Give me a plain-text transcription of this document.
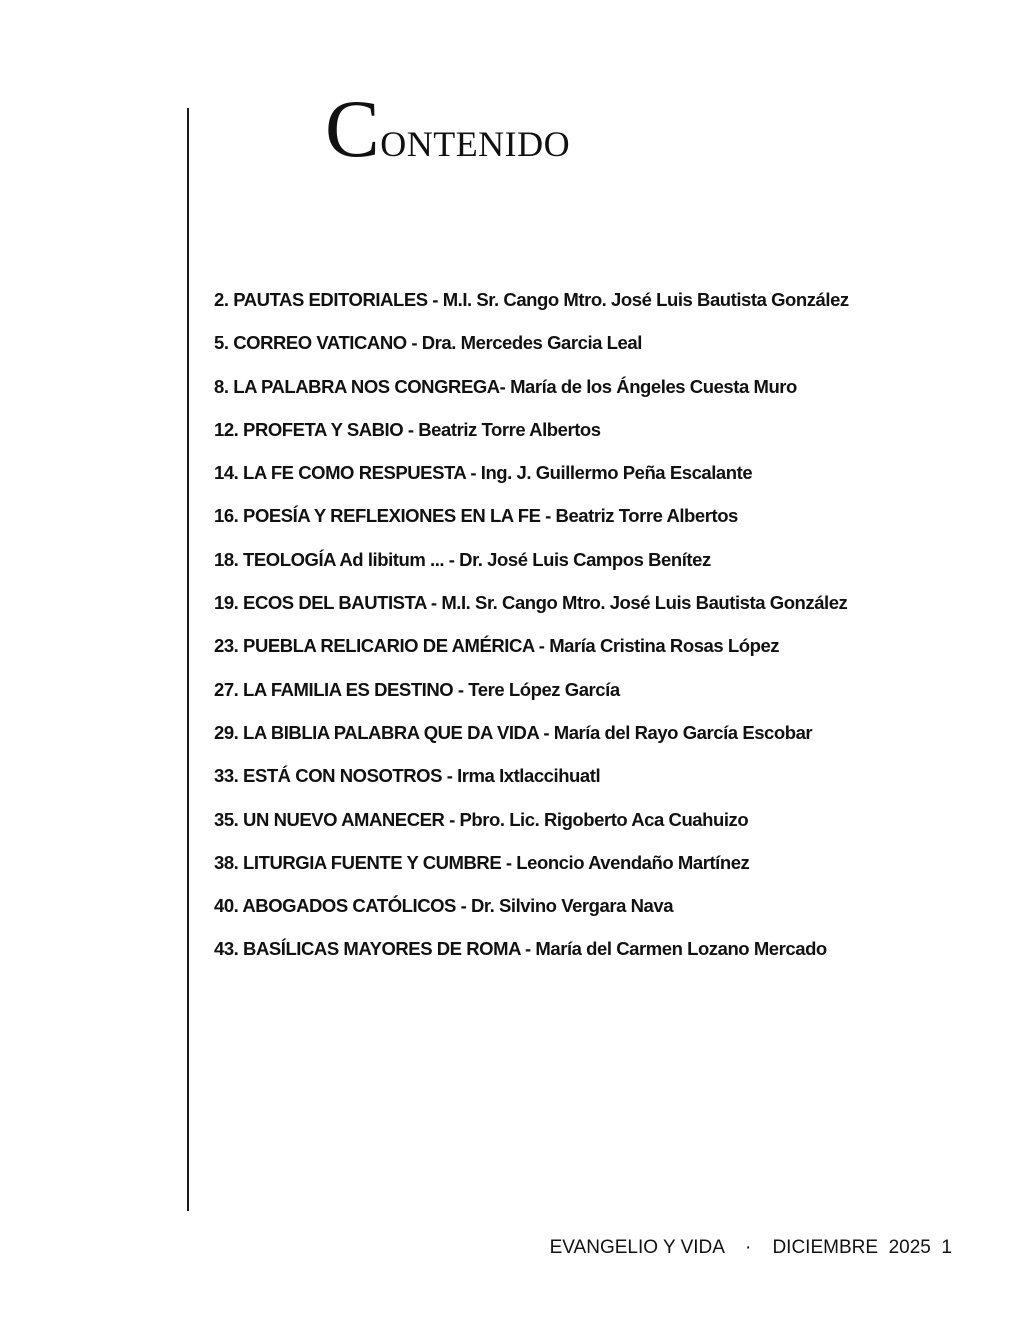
Contenido
2. PAUTAS EDITORIALES - M.I. Sr. Cango Mtro. José Luis Bautista González
5. CORREO VATICANO - Dra. Mercedes Garcia Leal
8. LA PALABRA NOS CONGREGA- María de los Ángeles Cuesta Muro
12. PROFETA Y SABIO - Beatriz Torre Albertos
14. LA FE COMO RESPUESTA - Ing. J. Guillermo Peña Escalante
16. POESÍA Y REFLEXIONES EN LA FE - Beatriz Torre Albertos
18. TEOLOGÍA Ad libitum ... - Dr. José Luis Campos Benítez
19. ECOS DEL BAUTISTA - M.I. Sr. Cango Mtro. José Luis Bautista González
23. PUEBLA RELICARIO DE AMÉRICA - María Cristina Rosas López
27. LA FAMILIA ES DESTINO - Tere López García
29. LA BIBLIA PALABRA QUE DA VIDA - María del Rayo García Escobar
33. ESTÁ CON NOSOTROS - Irma Ixtlaccihuatl
35. UN NUEVO AMANECER - Pbro. Lic. Rigoberto Aca Cuahuizo
38. LITURGIA FUENTE Y CUMBRE - Leoncio Avendaño Martínez
40. ABOGADOS CATÓLICOS - Dr. Silvino Vergara Nava
43. BASÍLICAS MAYORES DE ROMA - María del Carmen Lozano Mercado
EVANGELIO Y VIDA · DICIEMBRE  2025 1
